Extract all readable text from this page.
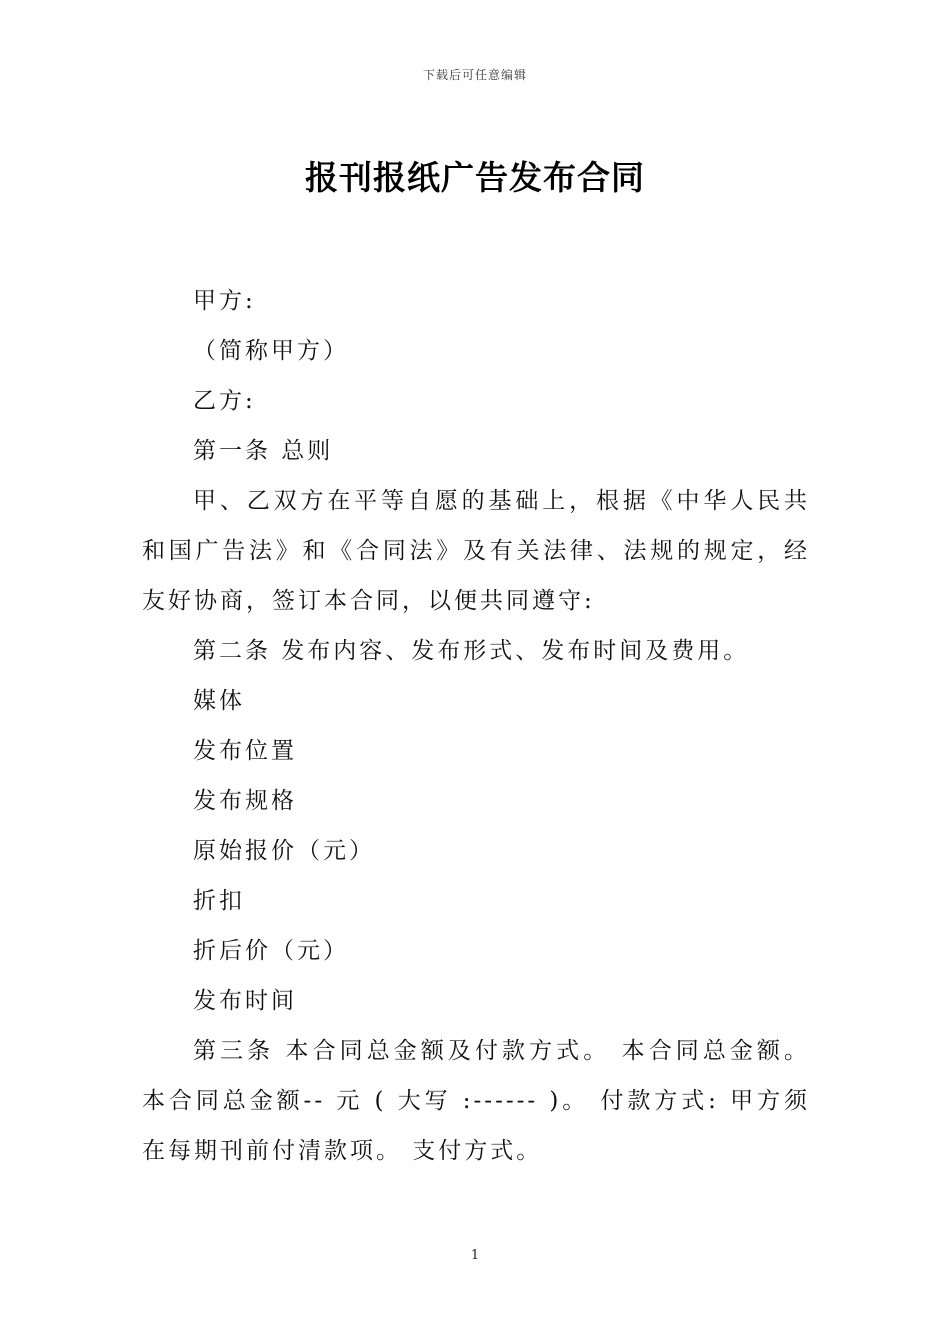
下载后可任意编辑
报刊报纸广告发布合同

甲方:

（简称甲方）

乙方:

第一条 总则

甲、乙双方在平等自愿的基础上，根据《中华人民共和国广告法》和《合同法》及有关法律、法规的规定，经友好协商，签订本合同，以便共同遵守:

第二条 发布内容、发布形式、发布时间及费用。

媒体

发布位置

发布规格

原始报价（元）

折扣

折后价（元）

发布时间

第三条 本合同总金额及付款方式。 本合同总金额。本合同总金额-- 元 ( 大写 :------ )。 付款方式: 甲方须在每期刊前付清款项。 支付方式。

1
